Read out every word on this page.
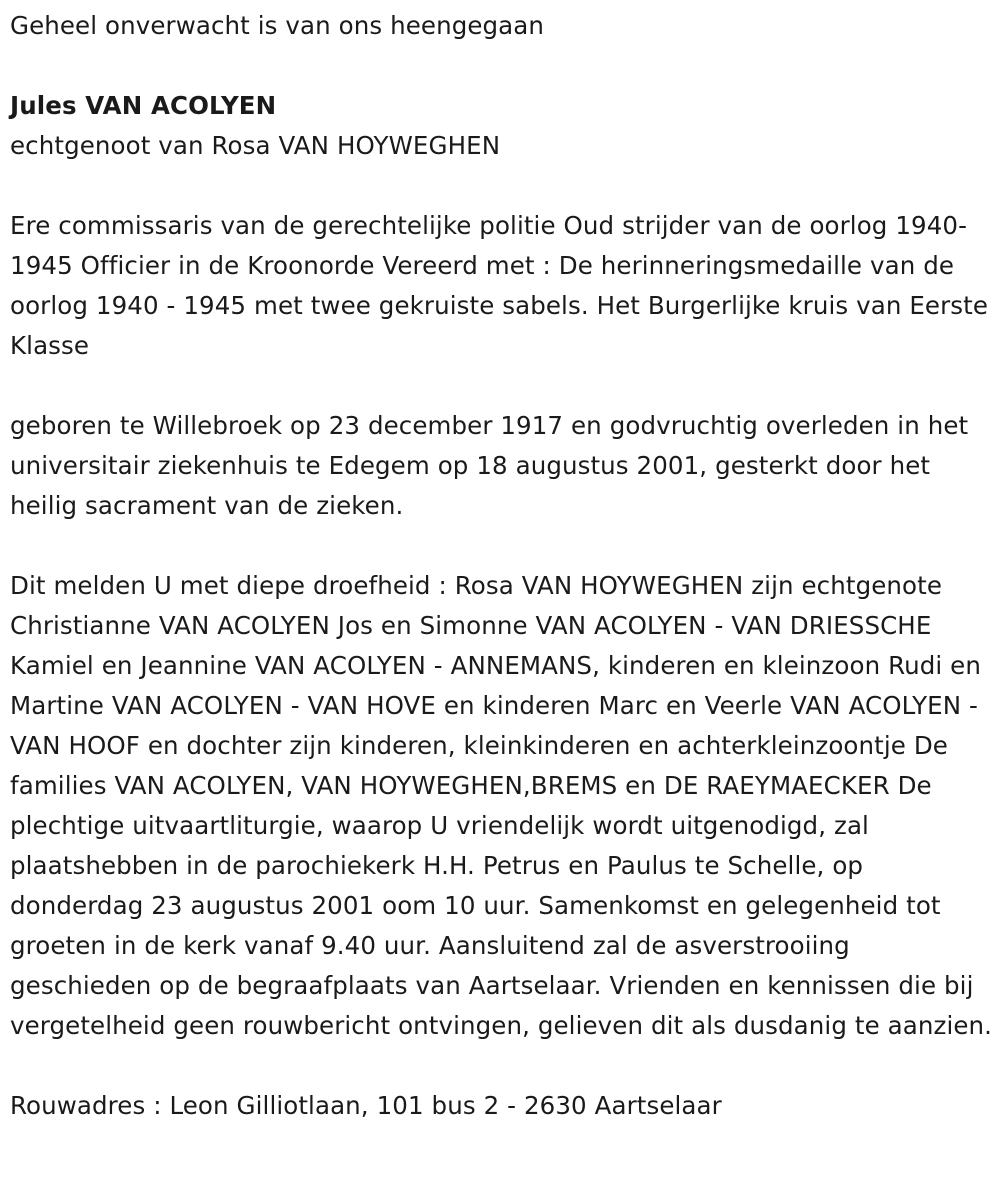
Geheel onverwacht is van ons heengegaan

Jules VAN ACOLYEN

echtgenoot van Rosa VAN HOYWEGHEN

Ere commissaris van de gerechtelijke politie Oud strijder van de oorlog 1940-1945 Officier in de Kroonorde Vereerd met : De herinneringsmedaille van de oorlog 1940 - 1945 met twee gekruiste sabels. Het Burgerlijke kruis van Eerste Klasse

geboren te Willebroek op 23 december 1917 en godvruchtig overleden in het universitair ziekenhuis te Edegem op 18 augustus 2001, gesterkt door het heilig sacrament van de zieken.

Dit melden U met diepe droefheid : Rosa VAN HOYWEGHEN zijn echtgenote Christianne VAN ACOLYEN Jos en Simonne VAN ACOLYEN - VAN DRIESSCHE Kamiel en Jeannine VAN ACOLYEN - ANNEMANS, kinderen en kleinzoon Rudi en Martine VAN ACOLYEN - VAN HOVE en kinderen Marc en Veerle VAN ACOLYEN - VAN HOOF en dochter zijn kinderen, kleinkinderen en achterkleinzoontje De families VAN ACOLYEN, VAN HOYWEGHEN,BREMS en DE RAEYMAECKER De plechtige uitvaartliturgie, waarop U vriendelijk wordt uitgenodigd, zal plaatshebben in de parochiekerk H.H. Petrus en Paulus te Schelle, op donderdag 23 augustus 2001 oom 10 uur. Samenkomst en gelegenheid tot groeten in de kerk vanaf 9.40 uur. Aansluitend zal de asverstrooiing geschieden op de begraafplaats van Aartselaar. Vrienden en kennissen die bij vergetelheid geen rouwbericht ontvingen, gelieven dit als dusdanig te aanzien.

Rouwadres : Leon Gilliotlaan, 101 bus 2 - 2630 Aartselaar
